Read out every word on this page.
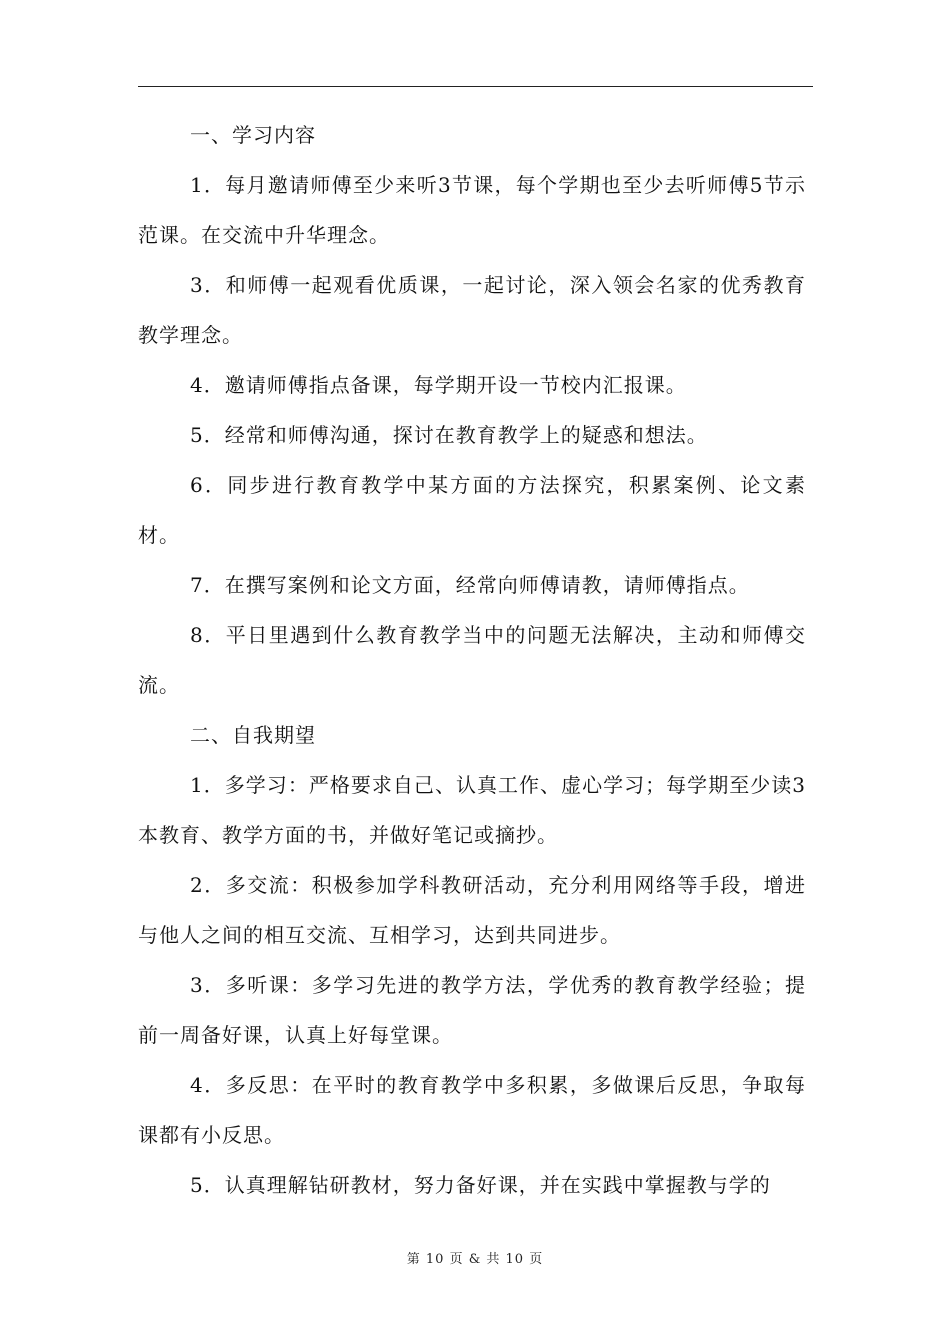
一、学习内容

1．每月邀请师傅至少来听3节课，每个学期也至少去听师傅5节示范课。在交流中升华理念。

3．和师傅一起观看优质课，一起讨论，深入领会名家的优秀教育教学理念。

4．邀请师傅指点备课，每学期开设一节校内汇报课。

5．经常和师傅沟通，探讨在教育教学上的疑惑和想法。

6．同步进行教育教学中某方面的方法探究，积累案例、论文素材。

7．在撰写案例和论文方面，经常向师傅请教，请师傅指点。

8．平日里遇到什么教育教学当中的问题无法解决，主动和师傅交流。

二、自我期望

1．多学习：严格要求自己、认真工作、虚心学习；每学期至少读3本教育、教学方面的书，并做好笔记或摘抄。

2．多交流：积极参加学科教研活动，充分利用网络等手段，增进与他人之间的相互交流、互相学习，达到共同进步。

3．多听课：多学习先进的教学方法，学优秀的教育教学经验；提前一周备好课，认真上好每堂课。

4．多反思：在平时的教育教学中多积累，多做课后反思，争取每课都有小反思。

5．认真理解钻研教材，努力备好课，并在实践中掌握教与学的

第 10 页 & 共 10 页
